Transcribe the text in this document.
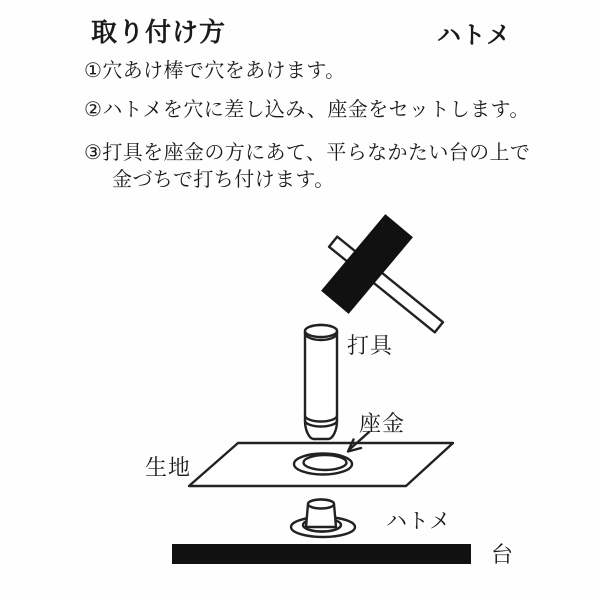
取り付け方	ハトメ
①穴あけ棒で穴をあけます。
②ハトメを穴に差し込み、座金をセットします。
③打具を座金の方にあて、平らなかたい台の上で
金づちで打ち付けます。
打具
座金
生地
ハトメ
台
